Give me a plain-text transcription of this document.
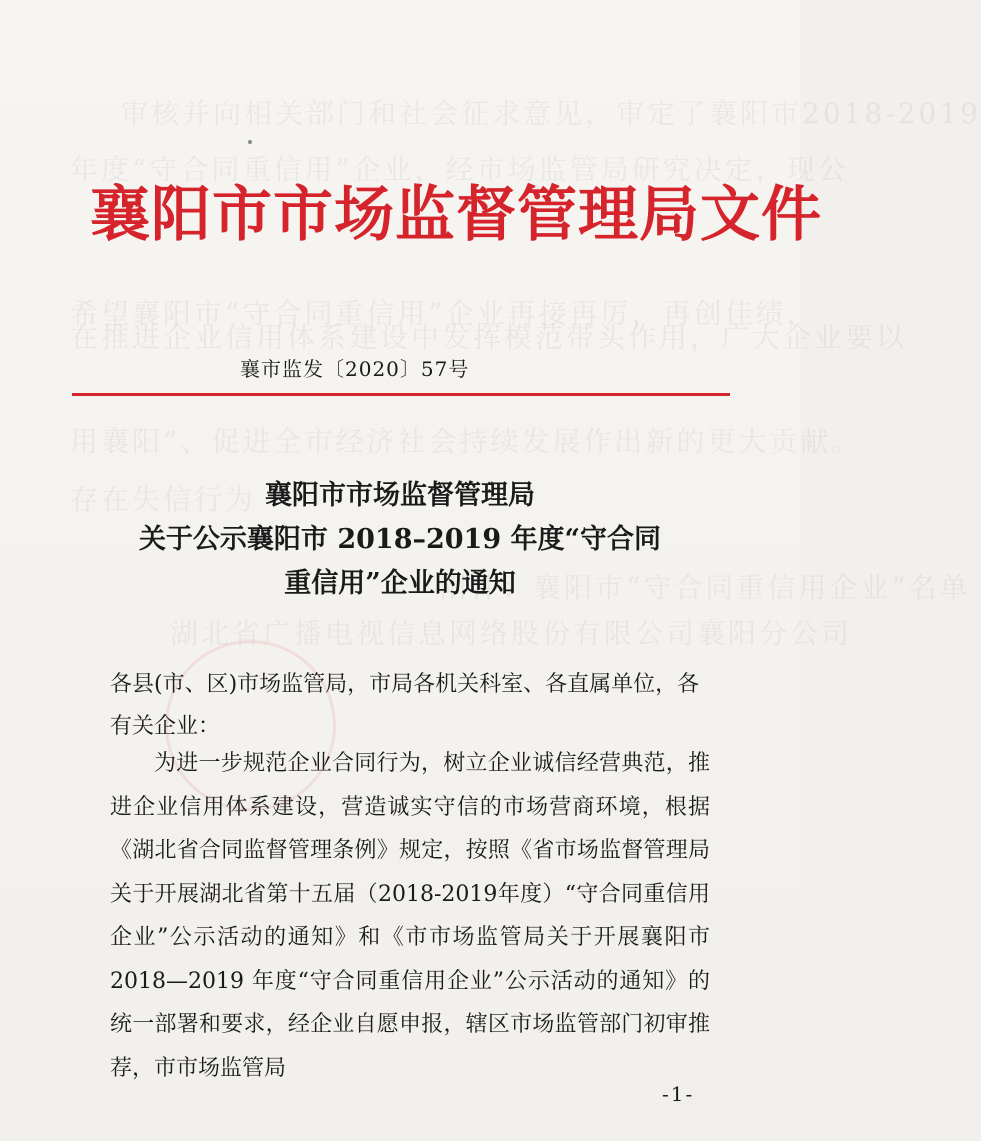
审核并向相关部门和社会征求意见，审定了襄阳市2018-2019
年度“守合同重信用”企业，经市场监管局研究决定，现公
希望襄阳市“守合同重信用”企业再接再厉，再创佳绩，
在推进企业信用体系建设中发挥模范带头作用，广大企业要以
用襄阳”、促进全市经济社会持续发展作出新的更大贡献。
存在失信行为
附件：襄阳市“守合同重信用企业”名单
湖北省广播电视信息网络股份有限公司襄阳分公司
襄阳市市场监督管理局文件
襄市监发〔2020〕57号
襄阳市市场监督管理局
关于公示襄阳市 2018–2019 年度“守合同
重信用”企业的通知
各县(市、区)市场监管局，市局各机关科室、各直属单位，各有关企业：
为进一步规范企业合同行为，树立企业诚信经营典范，推进企业信用体系建设，营造诚实守信的市场营商环境，根据《湖北省合同监督管理条例》规定，按照《省市场监督管理局关于开展湖北省第十五届（2018-2019年度）“守合同重信用企业”公示活动的通知》和《市市场监管局关于开展襄阳市 2018—2019 年度“守合同重信用企业”公示活动的通知》的统一部署和要求，经企业自愿申报，辖区市场监管部门初审推荐，市市场监管局
-1-
